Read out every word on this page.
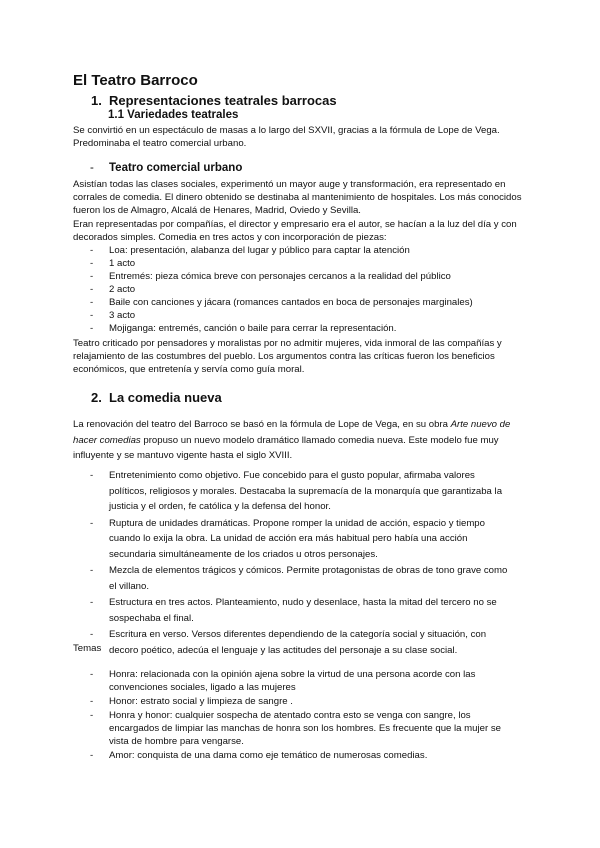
El Teatro Barroco
1. Representaciones teatrales barrocas
1.1 Variedades teatrales

Se convirtió en un espectáculo de masas a lo largo del SXVII, gracias a la fórmula de Lope de Vega. Predominaba el teatro comercial urbano.

-	Teatro comercial urbano

Asistían todas las clases sociales, experimentó un mayor auge y transformación, era representado en corrales de comedia. El dinero obtenido se destinaba al mantenimiento de hospitales. Los más conocidos fueron los de Almagro, Alcalá de Henares, Madrid, Oviedo y Sevilla.

Eran representadas por compañías, el director y empresario era el autor, se hacían a la luz del día y con decorados simples. Comedia en tres actos y con incorporación de piezas:

- Loa: presentación, alabanza del lugar y público para captar la atención
- 1 acto
- Entremés: pieza cómica breve con personajes cercanos a la realidad del público
- 2 acto
- Baile con canciones y jácara (romances cantados en boca de personajes marginales)
- 3 acto
- Mojiganga: entremés, canción o baile para cerrar la representación.

Teatro criticado por pensadores y moralistas por no admitir mujeres, vida inmoral de las compañías y relajamiento de las costumbres del pueblo. Los argumentos contra las críticas fueron los beneficios económicos, que entretenía y servía como guía moral.

2. La comedia nueva

La renovación del teatro del Barroco se basó en la fórmula de Lope de Vega, en su obra Arte nuevo de hacer comedias propuso un nuevo modelo dramático llamado comedia nueva. Este modelo fue muy influyente y se mantuvo vigente hasta el siglo XVIII.

- Entretenimiento como objetivo. Fue concebido para el gusto popular, afirmaba valores políticos, religiosos y morales. Destacaba la supremacía de la monarquía que garantizaba la justicia y el orden, fe católica y la defensa del honor.
- Ruptura de unidades dramáticas. Propone romper la unidad de acción, espacio y tiempo cuando lo exija la obra. La unidad de acción era más habitual pero había una acción secundaria simultáneamente de los criados u otros personajes.
- Mezcla de elementos trágicos y cómicos. Permite protagonistas de obras de tono grave como el villano.
- Estructura en tres actos. Planteamiento, nudo y desenlace, hasta la mitad del tercero no se sospechaba el final.
- Escritura en verso. Versos diferentes dependiendo de la categoría social y situación, con decoro poético, adecúa el lenguaje y las actitudes del personaje a su clase social.

Temas

- Honra: relacionada con la opinión ajena sobre la virtud de una persona acorde con las convenciones sociales, ligado a las mujeres
- Honor: estrato social y limpieza de sangre .
- Honra y honor: cualquier sospecha de atentado contra esto se venga con sangre, los encargados de limpiar las manchas de honra son los hombres. Es frecuente que la mujer se vista de hombre para vengarse.
- Amor: conquista de una dama como eje temático de numerosas comedias.
